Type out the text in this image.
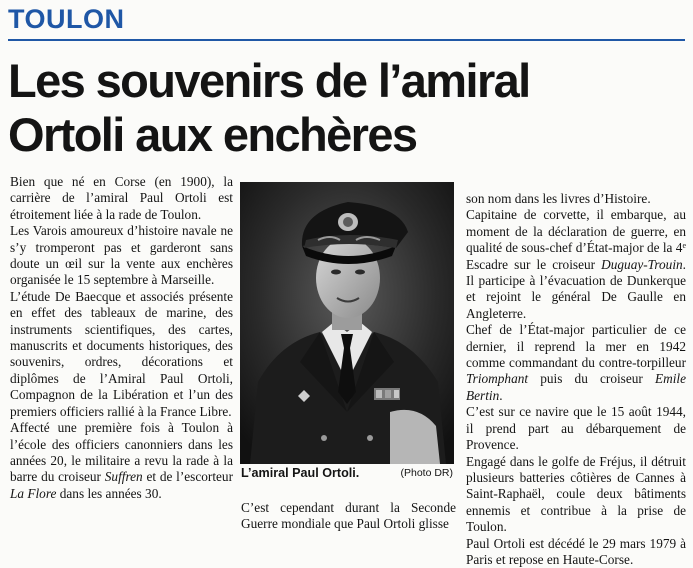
TOULON
Les souvenirs de l’amiral
Ortoli aux enchères

Bien que né en Corse (en 1900), la carrière de l’amiral Paul Ortoli est étroitement liée à la rade de Toulon.

Les Varois amoureux d’histoire navale ne s’y tromperont pas et garderont sans doute un œil sur la vente aux enchères organisée le 15 septembre à Marseille.

L’étude De Baecque et associés présente en effet des tableaux de marine, des instruments scientifiques, des cartes, manuscrits et documents historiques, des souvenirs, ordres, décorations et diplômes de l’Amiral Paul Ortoli, Compagnon de la Libération et l’un des premiers officiers rallié à la France Libre.

Affecté une première fois à Toulon à l’école des officiers canonniers dans les années 20, le militaire a revu la rade à la barre du croiseur Suffren et de l’escorteur La Flore dans les années 30.

L’amiral Paul Ortoli.	(Photo DR)

C’est cependant durant la Seconde Guerre mondiale que Paul Ortoli glisse

son nom dans les livres d’Histoire.

Capitaine de corvette, il embarque, au moment de la déclaration de guerre, en qualité de sous-chef d’État-major de la 4e Escadre sur le croiseur Duguay-Trouin. Il participe à l’évacuation de Dunkerque et rejoint le général De Gaulle en Angleterre.

Chef de l’État-major particulier de ce dernier, il reprend la mer en 1942 comme commandant du contre-torpilleur Triomphant puis du croiseur Emile Bertin.

C’est sur ce navire que le 15 août 1944, il prend part au débarquement de Provence.

Engagé dans le golfe de Fréjus, il détruit plusieurs batteries côtières de Cannes à Saint-Raphaël, coule deux bâtiments ennemis et contribue à la prise de Toulon.

Paul Ortoli est décédé le 29 mars 1979 à Paris et repose en Haute-Corse.
